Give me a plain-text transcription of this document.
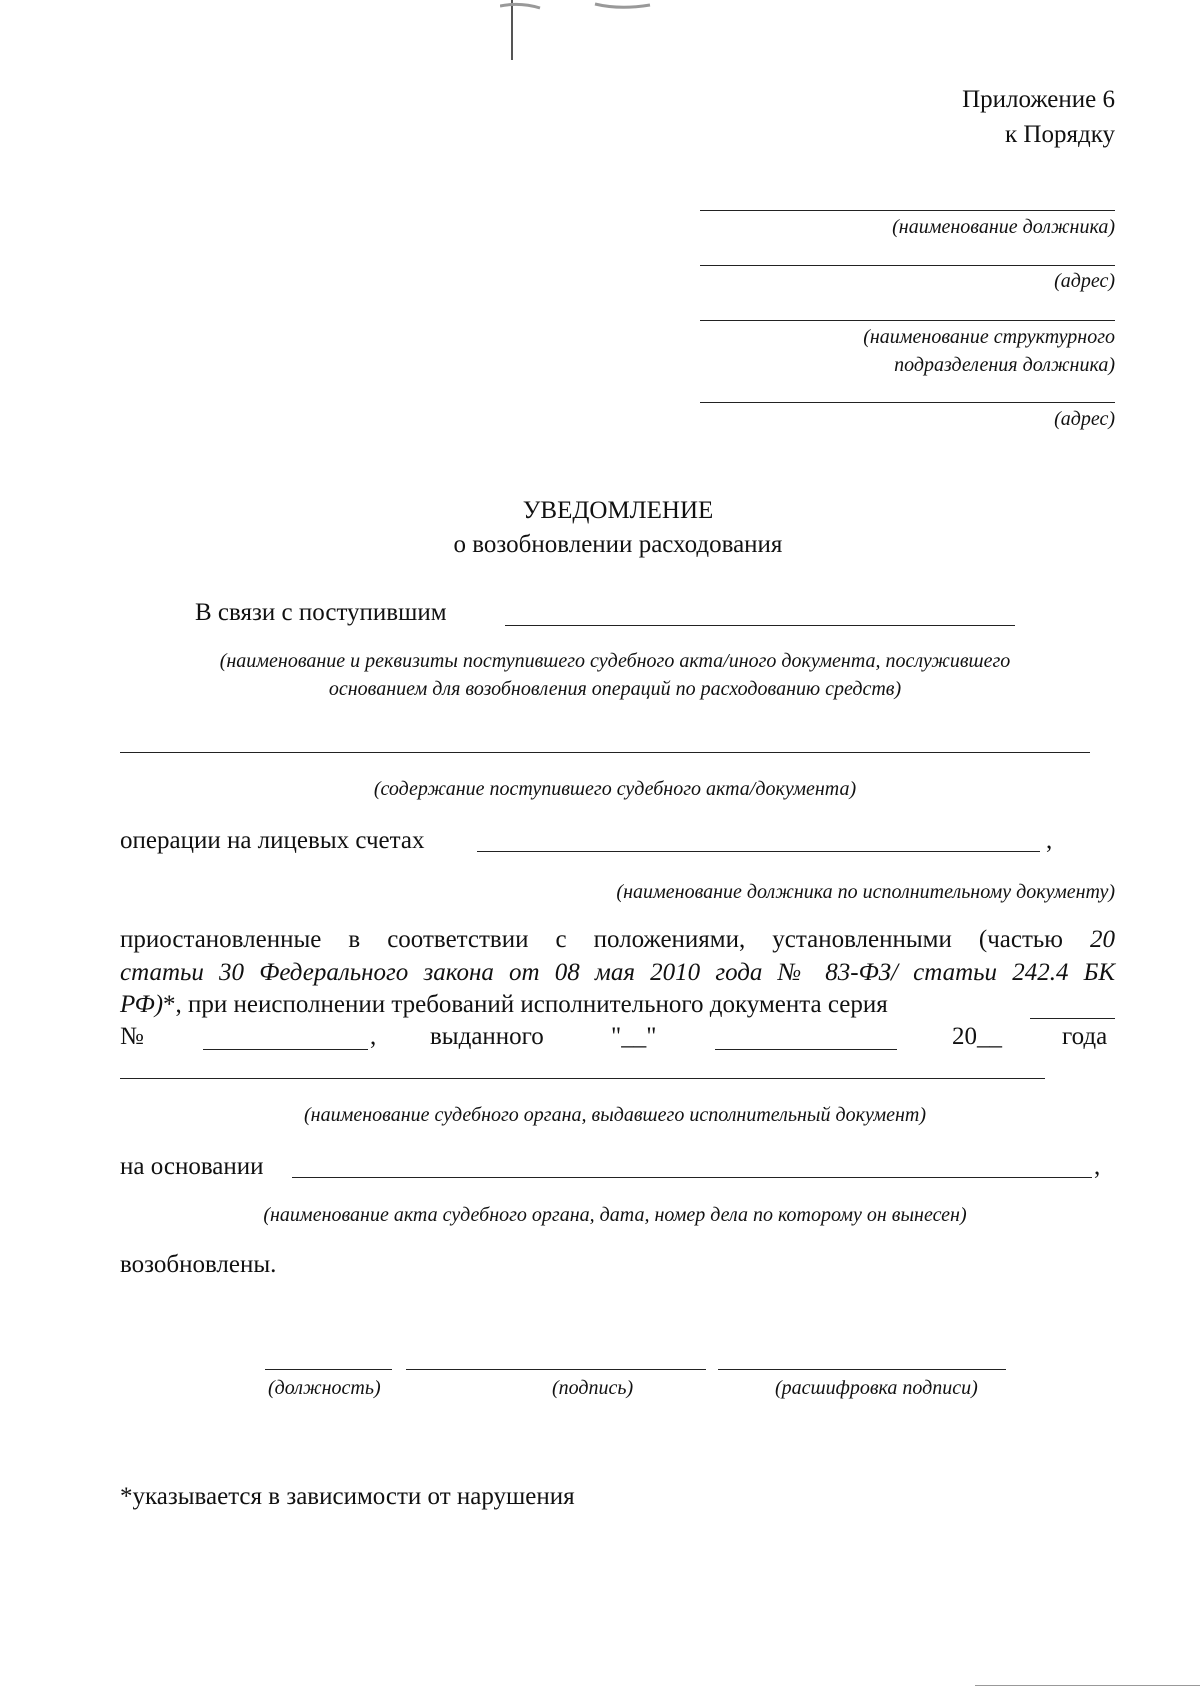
Приложение 6
к Порядку
(наименование должника)
(адрес)
(наименование структурного
подразделения должника)
(адрес)
УВЕДОМЛЕНИЕ
о возобновлении расходования
В связи с поступившим
(наименование и реквизиты поступившего судебного акта/иного документа, послужившего
основанием для возобновления операций по расходованию средств)
(содержание поступившего судебного акта/документа)
операции на лицевых счетах	,
(наименование должника по исполнительному документу)
приостановленные в соответствии с положениями, установленными (частью 20
статьи 30 Федерального закона от 08 мая 2010 года № 83-ФЗ/ статьи 242.4 БК
РФ)*, при неисполнении требований исполнительного документа серия
№	, выданного	"__"	20__ года
(наименование судебного органа, выдавшего исполнительный документ)
на основании	,
(наименование акта судебного органа, дата, номер дела по которому он вынесен)
возобновлены.
(должность)	(подпись)	(расшифровка подписи)
*указывается в зависимости от нарушения
